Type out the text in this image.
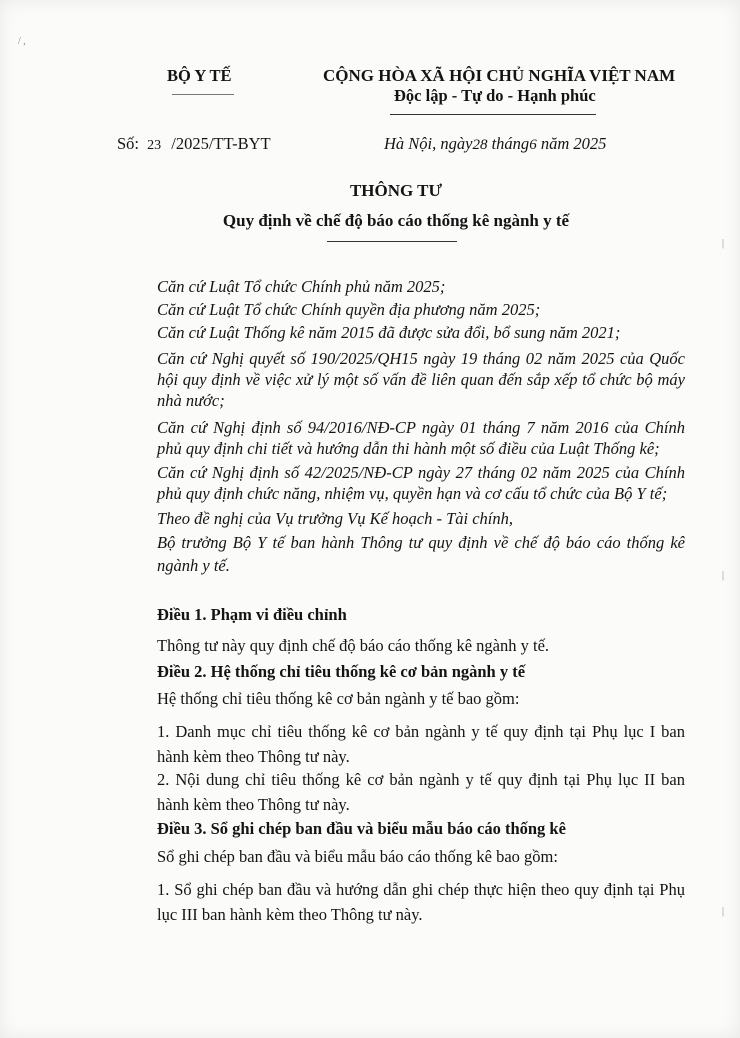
BỘ Y TẾ	CỘNG HÒA XÃ HỘI CHỦ NGHĨA VIỆT NAM
Độc lập - Tự do - Hạnh phúc
Số: 23 /2025/TT-BYT	Hà Nội, ngày28 tháng6 năm 2025
THÔNG TƯ
Quy định về chế độ báo cáo thống kê ngành y tế
Căn cứ Luật Tổ chức Chính phủ năm 2025;
Căn cứ Luật Tổ chức Chính quyền địa phương năm 2025;
Căn cứ Luật Thống kê năm 2015 đã được sửa đổi, bổ sung năm 2021;
Căn cứ Nghị quyết số 190/2025/QH15 ngày 19 tháng 02 năm 2025 của Quốc hội quy định về việc xử lý một số vấn đề liên quan đến sắp xếp tổ chức bộ máy nhà nước;
Căn cứ Nghị định số 94/2016/NĐ-CP ngày 01 tháng 7 năm 2016 của Chính phủ quy định chi tiết và hướng dẫn thi hành một số điều của Luật Thống kê;
Căn cứ Nghị định số 42/2025/NĐ-CP ngày 27 tháng 02 năm 2025 của Chính phủ quy định chức năng, nhiệm vụ, quyền hạn và cơ cấu tổ chức của Bộ Y tế;
Theo đề nghị của Vụ trưởng Vụ Kế hoạch - Tài chính,
Bộ trưởng Bộ Y tế ban hành Thông tư quy định về chế độ báo cáo thống kê ngành y tế.
Điều 1. Phạm vi điều chỉnh
Thông tư này quy định chế độ báo cáo thống kê ngành y tế.
Điều 2. Hệ thống chỉ tiêu thống kê cơ bản ngành y tế
Hệ thống chỉ tiêu thống kê cơ bản ngành y tế bao gồm:
1. Danh mục chỉ tiêu thống kê cơ bản ngành y tế quy định tại Phụ lục I ban hành kèm theo Thông tư này.
2. Nội dung chỉ tiêu thống kê cơ bản ngành y tế quy định tại Phụ lục II ban hành kèm theo Thông tư này.
Điều 3. Sổ ghi chép ban đầu và biểu mẫu báo cáo thống kê
Sổ ghi chép ban đầu và biểu mẫu báo cáo thống kê bao gồm:
1. Sổ ghi chép ban đầu và hướng dẫn ghi chép thực hiện theo quy định tại Phụ lục III ban hành kèm theo Thông tư này.
/ ,
|
|
|
